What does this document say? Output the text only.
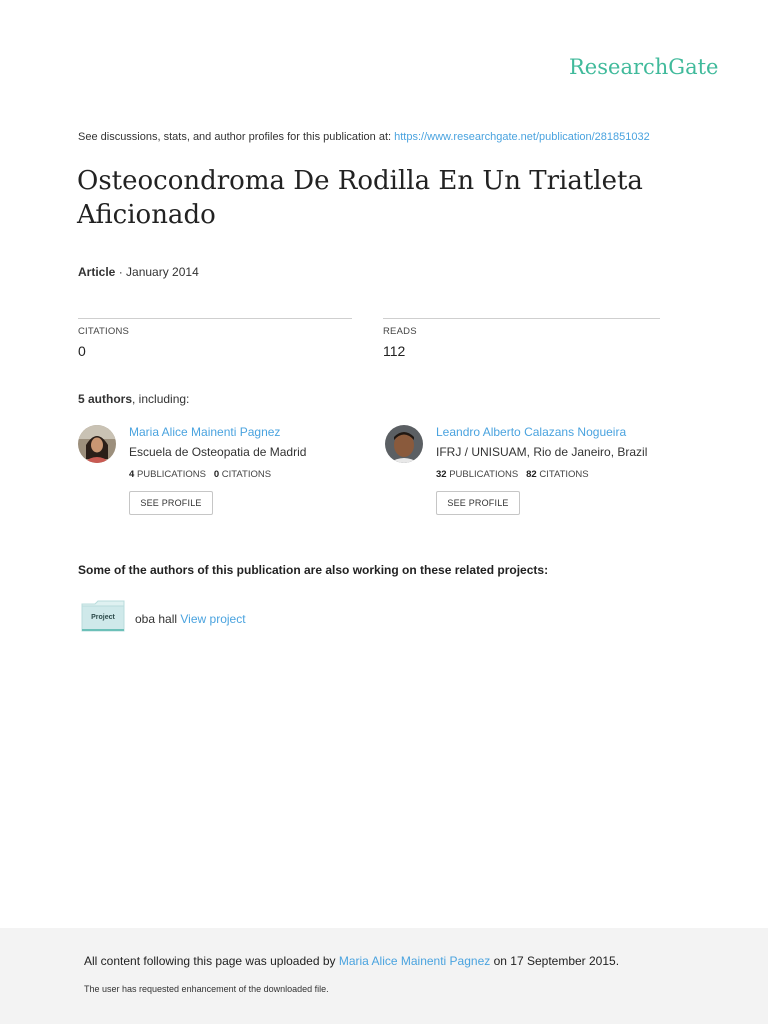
ResearchGate
See discussions, stats, and author profiles for this publication at: https://www.researchgate.net/publication/281851032
Osteocondroma De Rodilla En Un Triatleta Aficionado
Article · January 2014
CITATIONS
0
READS
112
5 authors, including:
Maria Alice Mainenti Pagnez
Escuela de Osteopatia de Madrid
4 PUBLICATIONS 0 CITATIONS
SEE PROFILE
Leandro Alberto Calazans Nogueira
IFRJ / UNISUAM, Rio de Janeiro, Brazil
32 PUBLICATIONS 82 CITATIONS
SEE PROFILE
Some of the authors of this publication are also working on these related projects:
Project	oba hall View project
All content following this page was uploaded by Maria Alice Mainenti Pagnez on 17 September 2015.
The user has requested enhancement of the downloaded file.
